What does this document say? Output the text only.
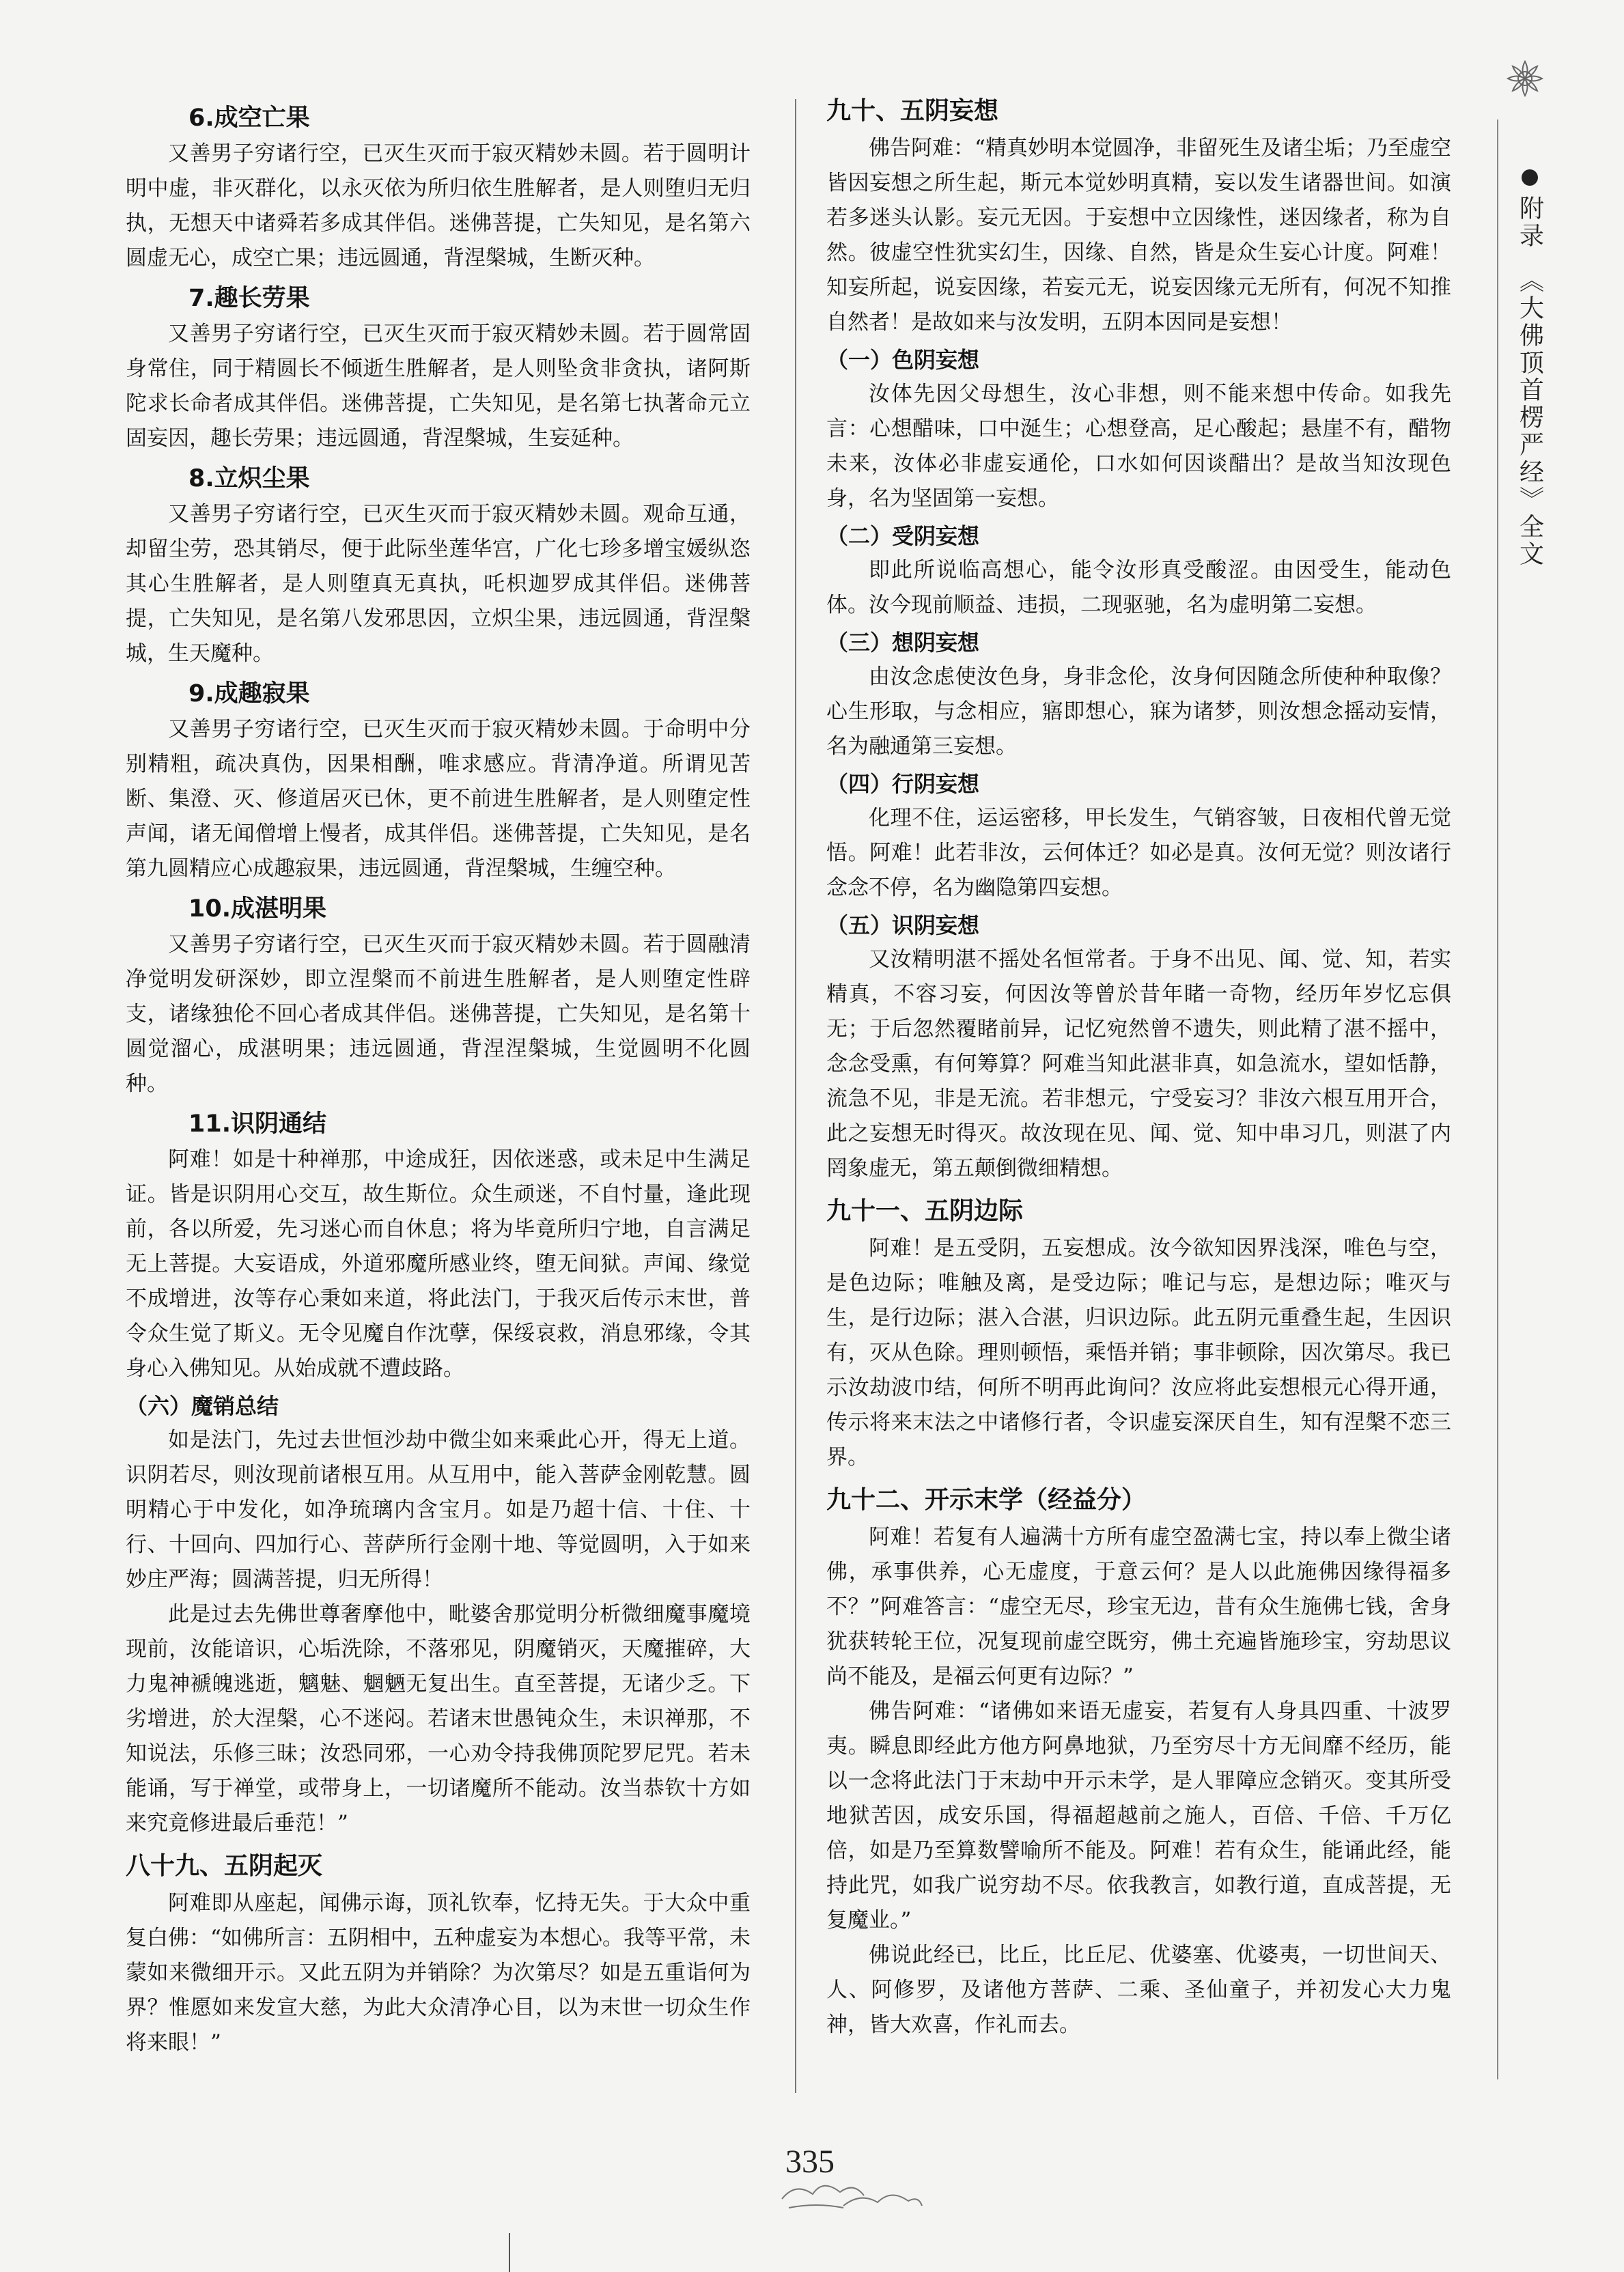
附录
《大佛顶首楞严经》全文
6.成空亡果

又善男子穷诸行空，已灭生灭而于寂灭精妙未圆。若于圆明计明中虚，非灭群化，以永灭依为所归依生胜解者，是人则堕归无归执，无想天中诸舜若多成其伴侣。迷佛菩提，亡失知见，是名第六圆虚无心，成空亡果；违远圆通，背涅槃城，生断灭种。

7.趣长劳果

又善男子穷诸行空，已灭生灭而于寂灭精妙未圆。若于圆常固身常住，同于精圆长不倾逝生胜解者，是人则坠贪非贪执，诸阿斯陀求长命者成其伴侣。迷佛菩提，亡失知见，是名第七执著命元立固妄因，趣长劳果；违远圆通，背涅槃城，生妄延种。

8.立炽尘果

又善男子穷诸行空，已灭生灭而于寂灭精妙未圆。观命互通，却留尘劳，恐其销尽，便于此际坐莲华宫，广化七珍多增宝媛纵恣其心生胜解者，是人则堕真无真执，吒枳迦罗成其伴侣。迷佛菩提，亡失知见，是名第八发邪思因，立炽尘果，违远圆通，背涅槃城，生天魔种。

9.成趣寂果

又善男子穷诸行空，已灭生灭而于寂灭精妙未圆。于命明中分别精粗，疏决真伪，因果相酬，唯求感应。背清净道。所谓见苦断、集澄、灭、修道居灭已休，更不前进生胜解者，是人则堕定性声闻，诸无闻僧增上慢者，成其伴侣。迷佛菩提，亡失知见，是名第九圆精应心成趣寂果，违远圆通，背涅槃城，生缠空种。

10.成湛明果

又善男子穷诸行空，已灭生灭而于寂灭精妙未圆。若于圆融清净觉明发研深妙，即立涅槃而不前进生胜解者，是人则堕定性辟支，诸缘独伦不回心者成其伴侣。迷佛菩提，亡失知见，是名第十圆觉溜心，成湛明果；违远圆通，背涅涅槃城，生觉圆明不化圆种。

11.识阴通结

阿难！如是十种禅那，中途成狂，因依迷惑，或未足中生满足证。皆是识阴用心交互，故生斯位。众生顽迷，不自忖量，逢此现前，各以所爱，先习迷心而自休息；将为毕竟所归宁地，自言满足无上菩提。大妄语成，外道邪魔所感业终，堕无间狱。声闻、缘觉不成增进，汝等存心秉如来道，将此法门，于我灭后传示末世，普令众生觉了斯义。无令见魔自作沈孽，保绥哀救，消息邪缘，令其身心入佛知见。从始成就不遭歧路。

（六）魔销总结

如是法门，先过去世恒沙劫中微尘如来乘此心开，得无上道。识阴若尽，则汝现前诸根互用。从互用中，能入菩萨金刚乾慧。圆明精心于中发化，如净琉璃内含宝月。如是乃超十信、十住、十行、十回向、四加行心、菩萨所行金刚十地、等觉圆明，入于如来妙庄严海；圆满菩提，归无所得！

此是过去先佛世尊奢摩他中，毗婆舍那觉明分析微细魔事魔境现前，汝能谙识，心垢洗除，不落邪见，阴魔销灭，天魔摧碎，大力鬼神褫魄逃逝，魑魅、魍魉无复出生。直至菩提，无诸少乏。下劣增进，於大涅槃，心不迷闷。若诸末世愚钝众生，未识禅那，不知说法，乐修三昧；汝恐同邪，一心劝令持我佛顶陀罗尼咒。若未能诵，写于禅堂，或带身上，一切诸魔所不能动。汝当恭钦十方如来究竟修进最后垂范！”

八十九、五阴起灭

阿难即从座起，闻佛示诲，顶礼钦奉，忆持无失。于大众中重复白佛：“如佛所言：五阴相中，五种虚妄为本想心。我等平常，未蒙如来微细开示。又此五阴为并销除？为次第尽？如是五重诣何为界？惟愿如来发宣大慈，为此大众清净心目，以为末世一切众生作将来眼！”

九十、五阴妄想

佛告阿难：“精真妙明本觉圆净，非留死生及诸尘垢；乃至虚空皆因妄想之所生起，斯元本觉妙明真精，妄以发生诸器世间。如演若多迷头认影。妄元无因。于妄想中立因缘性，迷因缘者，称为自然。彼虚空性犹实幻生，因缘、自然，皆是众生妄心计度。阿难！知妄所起，说妄因缘，若妄元无，说妄因缘元无所有，何况不知推自然者！是故如来与汝发明，五阴本因同是妄想！

（一）色阴妄想

汝体先因父母想生，汝心非想，则不能来想中传命。如我先言：心想醋味，口中涎生；心想登高，足心酸起；悬崖不有，醋物未来，汝体必非虚妄通伦，口水如何因谈醋出？是故当知汝现色身，名为坚固第一妄想。

（二）受阴妄想

即此所说临高想心，能令汝形真受酸涩。由因受生，能动色体。汝今现前顺益、违损，二现驱驰，名为虚明第二妄想。

（三）想阴妄想

由汝念虑使汝色身，身非念伦，汝身何因随念所使种种取像？心生形取，与念相应，寤即想心，寐为诸梦，则汝想念摇动妄情，名为融通第三妄想。

（四）行阴妄想

化理不住，运运密移，甲长发生，气销容皱，日夜相代曾无觉悟。阿难！此若非汝，云何体迁？如必是真。汝何无觉？则汝诸行念念不停，名为幽隐第四妄想。

（五）识阴妄想

又汝精明湛不摇处名恒常者。于身不出见、闻、觉、知，若实精真，不容习妄，何因汝等曾於昔年睹一奇物，经历年岁忆忘俱无；于后忽然覆睹前异，记忆宛然曾不遗失，则此精了湛不摇中，念念受熏，有何筹算？阿难当知此湛非真，如急流水，望如恬静，流急不见，非是无流。若非想元，宁受妄习？非汝六根互用开合，此之妄想无时得灭。故汝现在见、闻、觉、知中串习几，则湛了内罔象虚无，第五颠倒微细精想。

九十一、五阴边际

阿难！是五受阴，五妄想成。汝今欲知因界浅深，唯色与空，是色边际；唯触及离，是受边际；唯记与忘，是想边际；唯灭与生，是行边际；湛入合湛，归识边际。此五阴元重叠生起，生因识有，灭从色除。理则顿悟，乘悟并销；事非顿除，因次第尽。我已示汝劫波巾结，何所不明再此询问？汝应将此妄想根元心得开通，传示将来末法之中诸修行者，令识虚妄深厌自生，知有涅槃不恋三界。

九十二、开示末学（经益分）

阿难！若复有人遍满十方所有虚空盈满七宝，持以奉上微尘诸佛，承事供养，心无虚度，于意云何？是人以此施佛因缘得福多不？”阿难答言：“虚空无尽，珍宝无边，昔有众生施佛七钱，舍身犹获转轮王位，况复现前虚空既穷，佛土充遍皆施珍宝，穷劫思议尚不能及，是福云何更有边际？”

佛告阿难：“诸佛如来语无虚妄，若复有人身具四重、十波罗夷。瞬息即经此方他方阿鼻地狱，乃至穷尽十方无间靡不经历，能以一念将此法门于末劫中开示未学，是人罪障应念销灭。变其所受地狱苦因，成安乐国，得福超越前之施人，百倍、千倍、千万亿倍，如是乃至算数譬喻所不能及。阿难！若有众生，能诵此经，能持此咒，如我广说穷劫不尽。依我教言，如教行道，直成菩提，无复魔业。”

佛说此经已，比丘，比丘尼、优婆塞、优婆夷，一切世间天、人、阿修罗，及诸他方菩萨、二乘、圣仙童子，并初发心大力鬼神，皆大欢喜，作礼而去。

335
